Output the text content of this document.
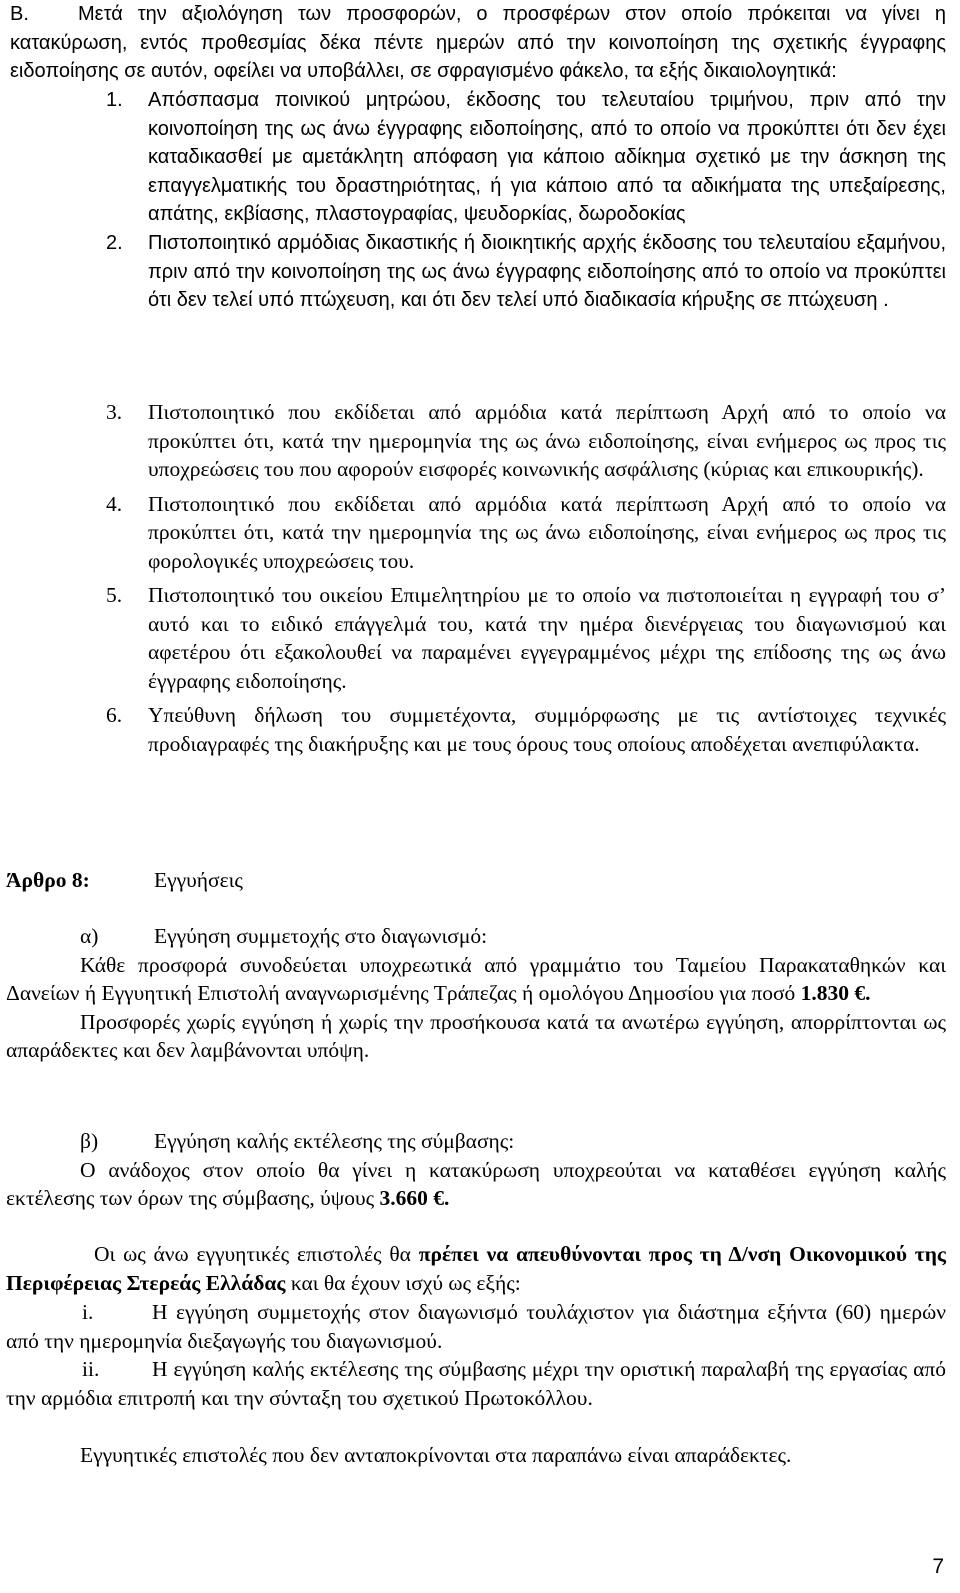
Β. Μετά την αξιολόγηση των προσφορών, ο προσφέρων στον οποίο πρόκειται να γίνει η κατακύρωση, εντός προθεσμίας δέκα πέντε ημερών από την κοινοποίηση της σχετικής έγγραφης ειδοποίησης σε αυτόν, οφείλει να υποβάλλει, σε σφραγισμένο φάκελο, τα εξής δικαιολογητικά:
1. Απόσπασμα ποινικού μητρώου, έκδοσης του τελευταίου τριμήνου, πριν από την κοινοποίηση της ως άνω έγγραφης ειδοποίησης, από το οποίο να προκύπτει ότι δεν έχει καταδικασθεί με αμετάκλητη απόφαση για κάποιο αδίκημα σχετικό με την άσκηση της επαγγελματικής του δραστηριότητας, ή για κάποιο από τα αδικήματα της υπεξαίρεσης, απάτης, εκβίασης, πλαστογραφίας, ψευδορκίας, δωροδοκίας
2. Πιστοποιητικό αρμόδιας δικαστικής ή διοικητικής αρχής έκδοσης του τελευταίου εξαμήνου, πριν από την κοινοποίηση της ως άνω έγγραφης ειδοποίησης από το οποίο να προκύπτει ότι δεν τελεί υπό πτώχευση, και ότι δεν τελεί υπό διαδικασία κήρυξης σε πτώχευση .
3. Πιστοποιητικό που εκδίδεται από αρμόδια κατά περίπτωση Αρχή από το οποίο να προκύπτει ότι, κατά την ημερομηνία της ως άνω ειδοποίησης, είναι ενήμερος ως προς τις υποχρεώσεις του που αφορούν εισφορές κοινωνικής ασφάλισης (κύριας και επικουρικής).
4. Πιστοποιητικό που εκδίδεται από αρμόδια κατά περίπτωση Αρχή από το οποίο να προκύπτει ότι, κατά την ημερομηνία της ως άνω ειδοποίησης, είναι ενήμερος ως προς τις φορολογικές υποχρεώσεις του.
5. Πιστοποιητικό του οικείου Επιμελητηρίου με το οποίο να πιστοποιείται η εγγραφή του σ’ αυτό και το ειδικό επάγγελμά του, κατά την ημέρα διενέργειας του διαγωνισμού και αφετέρου ότι εξακολουθεί να παραμένει εγγεγραμμένος μέχρι της επίδοσης της ως άνω έγγραφης ειδοποίησης.
6. Υπεύθυνη δήλωση του συμμετέχοντα, συμμόρφωσης με τις αντίστοιχες τεχνικές προδιαγραφές της διακήρυξης και με τους όρους τους οποίους αποδέχεται ανεπιφύλακτα.
Άρθρο 8:	Εγγυήσεις
α)	Εγγύηση συμμετοχής στο διαγωνισμό:
Κάθε προσφορά συνοδεύεται υποχρεωτικά από γραμμάτιο του Ταμείου Παρακαταθηκών και Δανείων ή Εγγυητική Επιστολή αναγνωρισμένης Τράπεζας ή ομολόγου Δημοσίου για ποσό 1.830 €.
Προσφορές χωρίς εγγύηση ή χωρίς την προσήκουσα κατά τα ανωτέρω εγγύηση, απορρίπτονται ως απαράδεκτες και δεν λαμβάνονται υπόψη.
β)	Εγγύηση καλής εκτέλεσης της σύμβασης:
Ο ανάδοχος στον οποίο θα γίνει η κατακύρωση υποχρεούται να καταθέσει εγγύηση καλής εκτέλεσης των όρων της σύμβασης, ύψους 3.660 €.
Οι ως άνω εγγυητικές επιστολές θα πρέπει να απευθύνονται προς τη Δ/νση Οικονομικού της Περιφέρειας Στερεάς Ελλάδας και θα έχουν ισχύ ως εξής:
i.	Η εγγύηση συμμετοχής στον διαγωνισμό τουλάχιστον για διάστημα εξήντα (60) ημερών από την ημερομηνία διεξαγωγής του διαγωνισμού.
ii. Η εγγύηση καλής εκτέλεσης της σύμβασης μέχρι την οριστική παραλαβή της εργασίας από την αρμόδια επιτροπή και την σύνταξη του σχετικού Πρωτοκόλλου.
Εγγυητικές επιστολές που δεν ανταποκρίνονται στα παραπάνω είναι απαράδεκτες.
7
